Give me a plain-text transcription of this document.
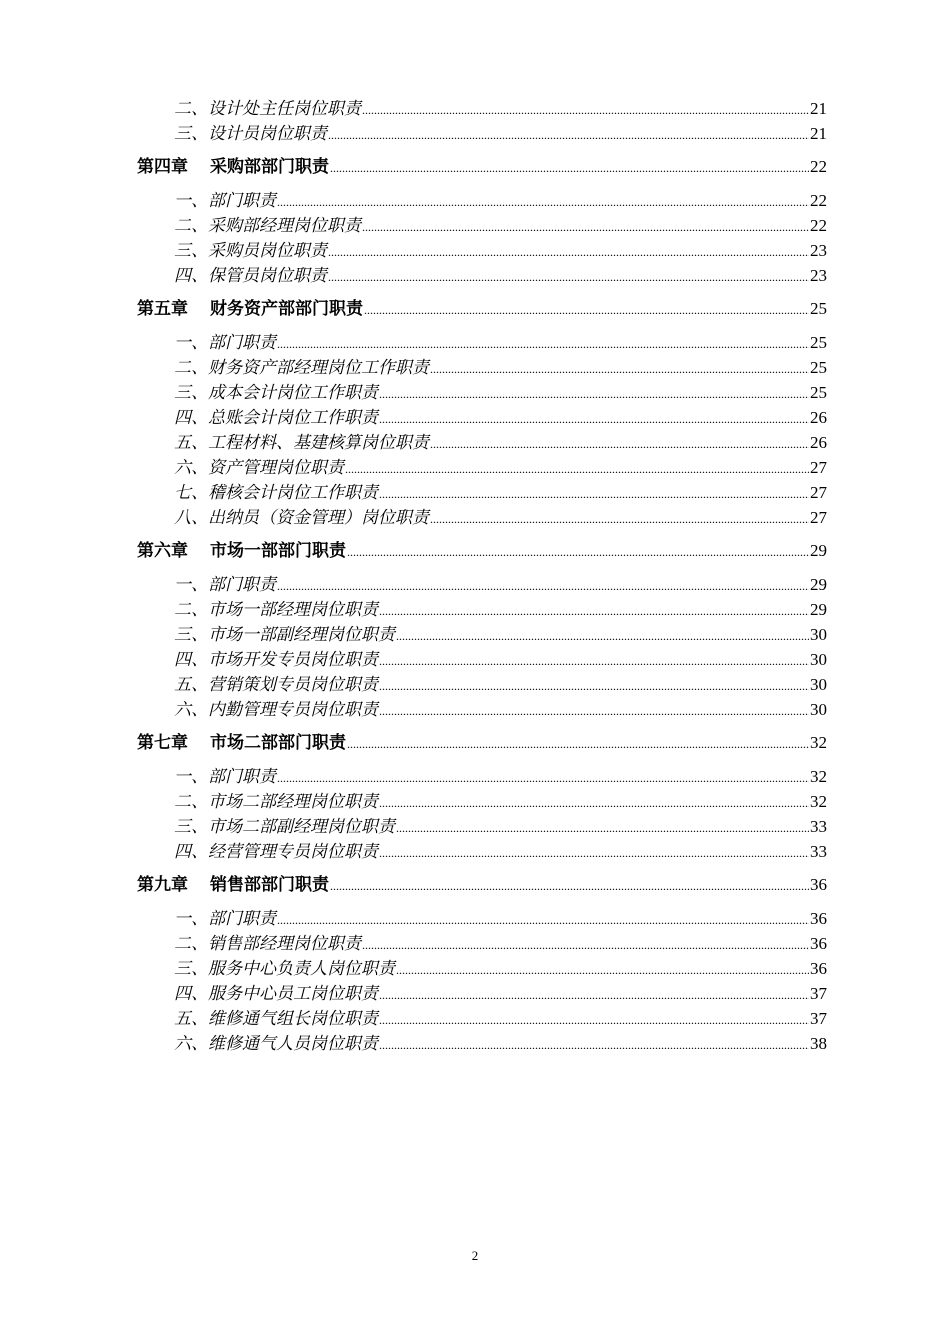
二、设计处主任岗位职责 .....	21
三、设计员岗位职责 .....	21
第四章 采购部部门职责 .....	22
一、部门职责 .....	22
二、采购部经理岗位职责 .....	22
三、采购员岗位职责 .....	23
四、保管员岗位职责 .....	23
第五章 财务资产部部门职责 .....	25
一、部门职责 .....	25
二、财务资产部经理岗位工作职责 .....	25
三、成本会计岗位工作职责 .....	25
四、总账会计岗位工作职责 .....	26
五、工程材料、基建核算岗位职责 .....	26
六、资产管理岗位职责 .....	27
七、稽核会计岗位工作职责 .....	27
八、出纳员（资金管理）岗位职责 .....	27
第六章 市场一部部门职责 .....	29
一、部门职责 .....	29
二、市场一部经理岗位职责 .....	29
三、市场一部副经理岗位职责 .....	30
四、市场开发专员岗位职责 .....	30
五、营销策划专员岗位职责 .....	30
六、内勤管理专员岗位职责 .....	30
第七章 市场二部部门职责 .....	32
一、部门职责 .....	32
二、市场二部经理岗位职责 .....	32
三、市场二部副经理岗位职责 .....	33
四、经营管理专员岗位职责 .....	33
第九章 销售部部门职责 .....	36
一、部门职责 .....	36
二、销售部经理岗位职责 .....	36
三、服务中心负责人岗位职责 .....	36
四、服务中心员工岗位职责 .....	37
五、维修通气组长岗位职责 .....	37
六、维修通气人员岗位职责 .....	38
2
